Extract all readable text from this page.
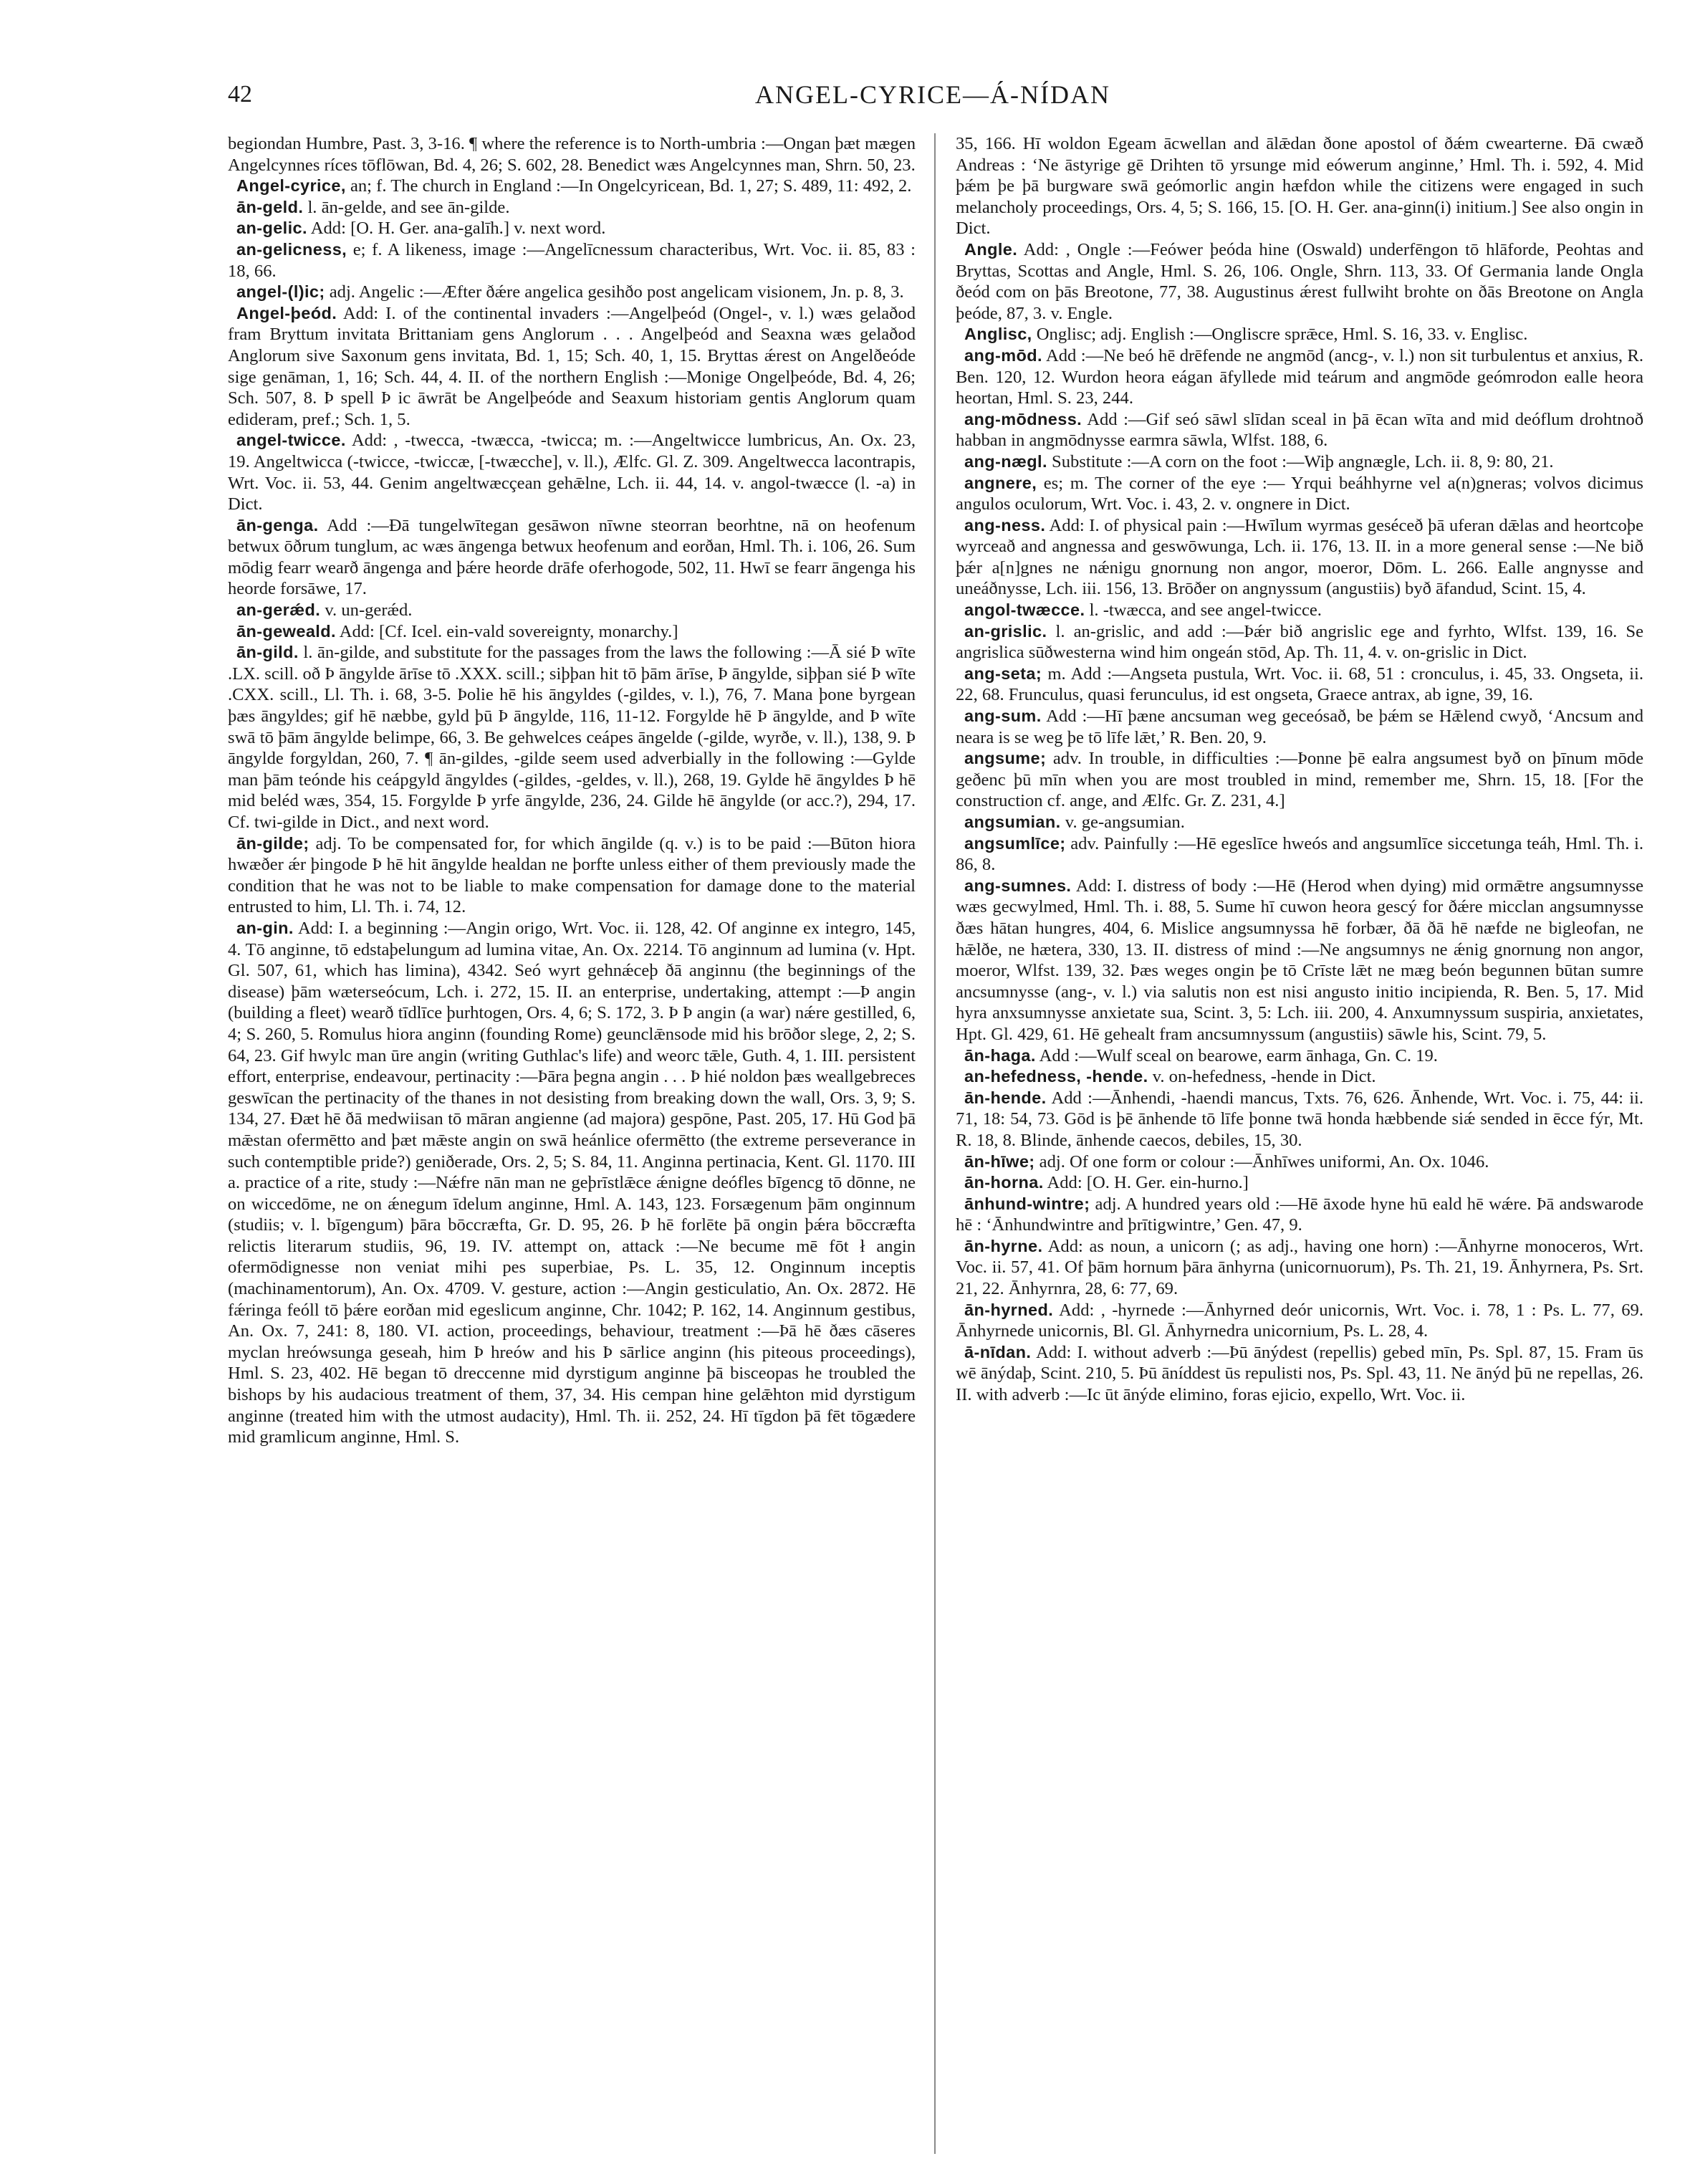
42	ANGEL-CYRICE—Á-NÍDAN

begiondan Humbre, Past. 3, 3-16. ¶ where the reference is to North-umbria :—Ongan þæt mægen Angelcynnes ríces tōflōwan, Bd. 4, 26; S. 602, 28. Benedict wæs Angelcynnes man, Shrn. 50, 23.

Angel-cyrice, an; f. The church in England :—In Ongelcyricean, Bd. 1, 27; S. 489, 11: 492, 2.

ān-geld. l. ān-gelde, and see ān-gilde.

an-gelic. Add: [O. H. Ger. ana-galīh.] v. next word.

an-gelicness, e; f. A likeness, image :—Angelīcnessum characteribus, Wrt. Voc. ii. 85, 83 : 18, 66.

angel-(l)ic; adj. Angelic :—Æfter ðǽre angelica gesihðo post angelicam visionem, Jn. p. 8, 3.

Angel-þeód. Add: I. of the continental invaders :—Angelþeód (Ongel-, v. l.) wæs gelaðod fram Bryttum invitata Brittaniam gens Anglorum . . . Angelþeód and Seaxna wæs gelaðod Anglorum sive Saxonum gens invitata, Bd. 1, 15; Sch. 40, 1, 15. Bryttas ǽrest on Angelðeóde sige genāman, 1, 16; Sch. 44, 4. II. of the northern English :—Monige Ongelþeóde, Bd. 4, 26; Sch. 507, 8. Þ spell Þ ic āwrāt be Angelþeóde and Seaxum historiam gentis Anglorum quam edideram, pref.; Sch. 1, 5.

angel-twicce. Add: , -twecca, -twæcca, -twicca; m. :—Angeltwicce lumbricus, An. Ox. 23, 19. Angeltwicca (-twicce, -twiccæ, [-twæcche], v. ll.), Ælfc. Gl. Z. 309. Angeltwecca lacontrapis, Wrt. Voc. ii. 53, 44. Genim angeltwæcçean gehǣlne, Lch. ii. 44, 14. v. angol-twæcce (l. -a) in Dict.

ān-genga. Add :—Ðā tungelwītegan gesāwon nīwne steorran beorhtne, nā on heofenum betwux ōðrum tunglum, ac wæs āngenga betwux heofenum and eorðan, Hml. Th. i. 106, 26. Sum mōdig fearr wearð āngenga and þǽre heorde drāfe oferhogode, 502, 11. Hwī se fearr āngenga his heorde forsāwe, 17.

an-gerǽd. v. un-gerǽd.

ān-geweald. Add: [Cf. Icel. ein-vald sovereignty, monarchy.]

ān-gild. l. ān-gilde, and substitute for the passages from the laws the following :—Ā sié Þ wīte .LX. scill. oð Þ āngylde ārīse tō .XXX. scill.; siþþan hit tō þām ārīse, Þ āngylde, siþþan sié Þ wīte .CXX. scill., Ll. Th. i. 68, 3-5. Þolie hē his āngyldes (-gildes, v. l.), 76, 7. Mana þone byrgean þæs āngyldes; gif hē næbbe, gyld þū Þ āngylde, 116, 11-12. Forgylde hē Þ āngylde, and Þ wīte swā tō þām āngylde belimpe, 66, 3. Be gehwelces ceápes āngelde (-gilde, wyrðe, v. ll.), 138, 9. Þ āngylde forgyldan, 260, 7. ¶ ān-gildes, -gilde seem used adverbially in the following :—Gylde man þām teónde his ceápgyld āngyldes (-gildes, -geldes, v. ll.), 268, 19. Gylde hē āngyldes Þ hē mid beléd wæs, 354, 15. Forgylde Þ yrfe āngylde, 236, 24. Gilde hē āngylde (or acc.?), 294, 17. Cf. twi-gilde in Dict., and next word.

ān-gilde; adj. To be compensated for, for which āngilde (q. v.) is to be paid :—Būton hiora hwæðer ǽr þingode Þ hē hit āngylde healdan ne þorfte unless either of them previously made the condition that he was not to be liable to make compensation for damage done to the material entrusted to him, Ll. Th. i. 74, 12.

an-gin. Add: I. a beginning :—Angin origo, Wrt. Voc. ii. 128, 42. Of anginne ex integro, 145, 4. Tō anginne, tō edstaþelungum ad lumina vitae, An. Ox. 2214. Tō anginnum ad lumina (v. Hpt. Gl. 507, 61, which has limina), 4342. Seó wyrt gehnǽceþ ðā anginnu (the beginnings of the disease) þām wæterseócum, Lch. i. 272, 15. II. an enterprise, undertaking, attempt :—Þ angin (building a fleet) wearð tīdlīce þurhtogen, Ors. 4, 6; S. 172, 3. Þ Þ angin (a war) nǽre gestilled, 6, 4; S. 260, 5. Romulus hiora anginn (founding Rome) geunclǣnsode mid his brōðor slege, 2, 2; S. 64, 23. Gif hwylc man ūre angin (writing Guthlac's life) and weorc tǣle, Guth. 4, 1. III. persistent effort, enterprise, endeavour, pertinacity :—Þāra þegna angin . . . Þ hié noldon þæs weallgebreces geswīcan the pertinacity of the thanes in not desisting from breaking down the wall, Ors. 3, 9; S. 134, 27. Ðæt hē ðā medwiisan tō māran angienne (ad majora) gespōne, Past. 205, 17. Hū God þā mǣstan ofermētto and þæt mǣste angin on swā heánlice ofermētto (the extreme perseverance in such contemptible pride?) geniðerade, Ors. 2, 5; S. 84, 11. Anginna pertinacia, Kent. Gl. 1170. III a. practice of a rite, study :—Nǽfre nān man ne geþrīstlǣce ǽnigne deófles bīgencg tō dōnne, ne on wiccedōme, ne on ǽnegum īdelum anginne, Hml. A. 143, 123. Forsægenum þām onginnum (studiis; v. l. bīgengum) þāra bōccræfta, Gr. D. 95, 26. Þ hē forlēte þā ongin þǽra bōccræfta relictis literarum studiis, 96, 19. IV. attempt on, attack :—Ne becume mē fōt ł angin ofermōdignesse non veniat mihi pes superbiae, Ps. L. 35, 12. Onginnum inceptis (machinamentorum), An. Ox. 4709. V. gesture, action :—Angin gesticulatio, An. Ox. 2872. Hē fǽringa feóll tō þǽre eorðan mid egeslicum anginne, Chr. 1042; P. 162, 14. Anginnum gestibus, An. Ox. 7, 241: 8, 180. VI. action, proceedings, behaviour, treatment :—Þā hē ðæs cāseres myclan hreówsunga geseah, him Þ hreów and his Þ sārlice anginn (his piteous proceedings), Hml. S. 23, 402. Hē began tō dreccenne mid dyrstigum anginne þā bisceopas he troubled the bishops by his audacious treatment of them, 37, 34. His cempan hine gelǣhton mid dyrstigum anginne (treated him with the utmost audacity), Hml. Th. ii. 252, 24. Hī tīgdon þā fēt tōgædere mid gramlicum anginne, Hml. S.

35, 166. Hī woldon Egeam ācwellan and ālǣdan ðone apostol of ðǽm cwearterne. Ðā cwæð Andreas : ‘Ne āstyrige gē Drihten tō yrsunge mid eówerum anginne,’ Hml. Th. i. 592, 4. Mid þǽm þe þā burgware swā geómorlic angin hæfdon while the citizens were engaged in such melancholy proceedings, Ors. 4, 5; S. 166, 15. [O. H. Ger. ana-ginn(i) initium.] See also ongin in Dict.

Angle. Add: , Ongle :—Feówer þeóda hine (Oswald) underfēngon tō hlāforde, Peohtas and Bryttas, Scottas and Angle, Hml. S. 26, 106. Ongle, Shrn. 113, 33. Of Germania lande Ongla ðeód com on þās Breotone, 77, 38. Augustinus ǽrest fullwiht brohte on ðās Breotone on Angla þeóde, 87, 3. v. Engle.

Anglisc, Onglisc; adj. English :—Ongliscre sprǣce, Hml. S. 16, 33. v. Englisc.

ang-mōd. Add :—Ne beó hē drēfende ne angmōd (ancg-, v. l.) non sit turbulentus et anxius, R. Ben. 120, 12. Wurdon heora eágan āfyllede mid teárum and angmōde geómrodon ealle heora heortan, Hml. S. 23, 244.

ang-mōdness. Add :—Gif seó sāwl slīdan sceal in þā ēcan wīta and mid deóflum drohtnoð habban in angmōdnysse earmra sāwla, Wlfst. 188, 6.

ang-nægl. Substitute :—A corn on the foot :—Wiþ angnægle, Lch. ii. 8, 9: 80, 21.

angnere, es; m. The corner of the eye :— Yrqui beáhhyrne vel a(n)gneras; volvos dicimus angulos oculorum, Wrt. Voc. i. 43, 2. v. ongnere in Dict.

ang-ness. Add: I. of physical pain :—Hwīlum wyrmas geséceð þā uferan dǣlas and heortcoþe wyrceað and angnessa and geswōwunga, Lch. ii. 176, 13. II. in a more general sense :—Ne bið þǽr a[n]gnes ne nǽnigu gnornung non angor, moeror, Dōm. L. 266. Ealle angnysse and uneáðnysse, Lch. iii. 156, 13. Brōðer on angnyssum (angustiis) byð āfandud, Scint. 15, 4.

angol-twæcce. l. -twæcca, and see angel-twicce.

an-grislic. l. an-grislic, and add :—Þǽr bið angrislic ege and fyrhto, Wlfst. 139, 16. Se angrislica sūðwesterna wind him ongeán stōd, Ap. Th. 11, 4. v. on-grislic in Dict.

ang-seta; m. Add :—Angseta pustula, Wrt. Voc. ii. 68, 51 : cronculus, i. 45, 33. Ongseta, ii. 22, 68. Frunculus, quasi ferunculus, id est ongseta, Graece antrax, ab igne, 39, 16.

ang-sum. Add :—Hī þæne ancsuman weg geceósað, be þǽm se Hǣlend cwyð, ‘Ancsum and neara is se weg þe tō līfe lǣt,’ R. Ben. 20, 9.

angsume; adv. In trouble, in difficulties :—Þonne þē ealra angsumest byð on þīnum mōde geðenc þū mīn when you are most troubled in mind, remember me, Shrn. 15, 18. [For the construction cf. ange, and Ælfc. Gr. Z. 231, 4.]

angsumian. v. ge-angsumian.

angsumlīce; adv. Painfully :—Hē egeslīce hweós and angsumlīce siccetunga teáh, Hml. Th. i. 86, 8.

ang-sumnes. Add: I. distress of body :—Hē (Herod when dying) mid ormǣtre angsumnysse wæs gecwylmed, Hml. Th. i. 88, 5. Sume hī cuwon heora gescý for ðǽre micclan angsumnysse ðæs hātan hungres, 404, 6. Mislice angsumnyssa hē forbær, ðā ðā hē næfde ne bigleofan, ne hǣlðe, ne hætera, 330, 13. II. distress of mind :—Ne angsumnys ne ǽnig gnornung non angor, moeror, Wlfst. 139, 32. Þæs weges ongin þe tō Crīste lǣt ne mæg beón begunnen būtan sumre ancsumnysse (ang-, v. l.) via salutis non est nisi angusto initio incipienda, R. Ben. 5, 17. Mid hyra anxsumnysse anxietate sua, Scint. 3, 5: Lch. iii. 200, 4. Anxumnyssum suspiria, anxietates, Hpt. Gl. 429, 61. Hē gehealt fram ancsumnyssum (angustiis) sāwle his, Scint. 79, 5.

ān-haga. Add :—Wulf sceal on bearowe, earm ānhaga, Gn. C. 19.

an-hefedness, -hende. v. on-hefedness, -hende in Dict.

ān-hende. Add :—Ānhendi, -haendi mancus, Txts. 76, 626. Ānhende, Wrt. Voc. i. 75, 44: ii. 71, 18: 54, 73. Gōd is þē ānhende tō līfe þonne twā honda hæbbende siǽ sended in ēcce fýr, Mt. R. 18, 8. Blinde, ānhende caecos, debiles, 15, 30.

ān-hīwe; adj. Of one form or colour :—Ānhīwes uniformi, An. Ox. 1046.

ān-horna. Add: [O. H. Ger. ein-hurno.]

ānhund-wintre; adj. A hundred years old :—Hē āxode hyne hū eald hē wǽre. Þā andswarode hē : ‘Ānhundwintre and þrītigwintre,’ Gen. 47, 9.

ān-hyrne. Add: as noun, a unicorn (; as adj., having one horn) :—Ānhyrne monoceros, Wrt. Voc. ii. 57, 41. Of þām hornum þāra ānhyrna (unicornuorum), Ps. Th. 21, 19. Ānhyrnera, Ps. Srt. 21, 22. Ānhyrnra, 28, 6: 77, 69.

ān-hyrned. Add: , -hyrnede :—Ānhyrned deór unicornis, Wrt. Voc. i. 78, 1 : Ps. L. 77, 69. Ānhyrnede unicornis, Bl. Gl. Ānhyrnedra unicornium, Ps. L. 28, 4.

ā-nīdan. Add: I. without adverb :—Þū ānýdest (repellis) gebed mīn, Ps. Spl. 87, 15. Fram ūs wē ānýdaþ, Scint. 210, 5. Þū āníddest ūs repulisti nos, Ps. Spl. 43, 11. Ne ānýd þū ne repellas, 26. II. with adverb :—Ic ūt ānýde elimino, foras ejicio, expello, Wrt. Voc. ii.
